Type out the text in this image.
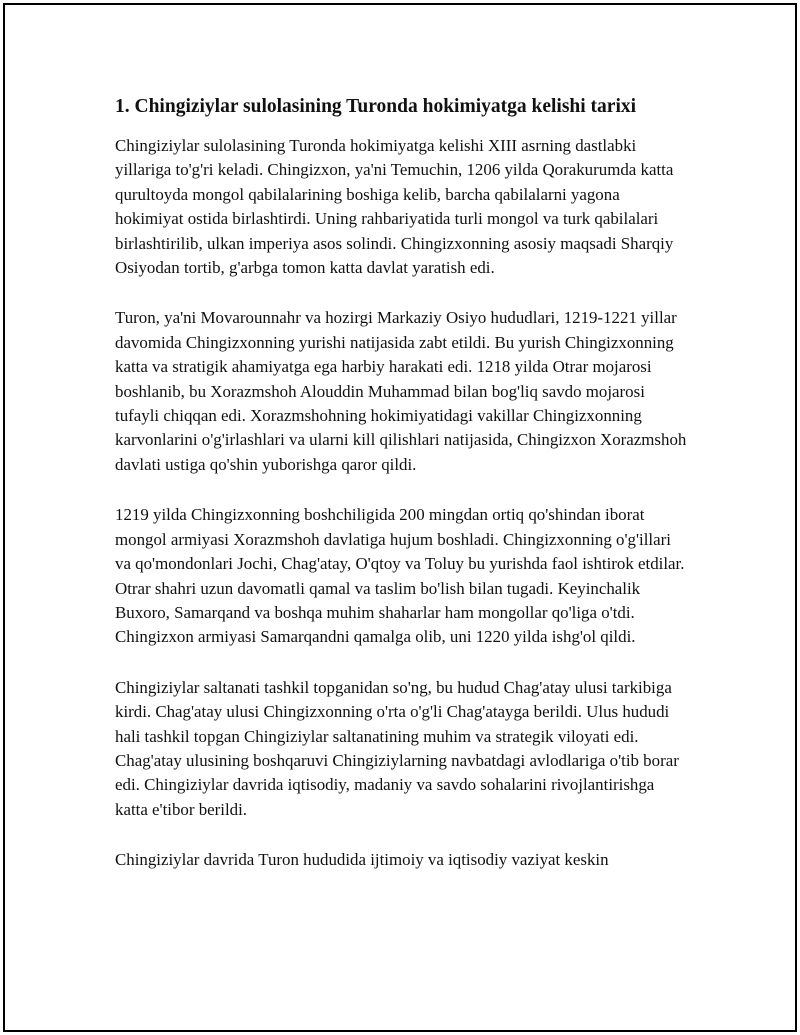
1. Chingiziylar sulolasining Turonda hokimiyatga kelishi tarixi

Chingiziylar sulolasining Turonda hokimiyatga kelishi XIII asrning dastlabki yillariga to'g'ri keladi. Chingizxon, ya'ni Temuchin, 1206 yilda Qorakurumda katta qurultoyda mongol qabilalarining boshiga kelib, barcha qabilalarni yagona hokimiyat ostida birlashtirdi. Uning rahbariyatida turli mongol va turk qabilalari birlashtirilib, ulkan imperiya asos solindi. Chingizxonning asosiy maqsadi Sharqiy Osiyodan tortib, g'arbga tomon katta davlat yaratish edi.

Turon, ya'ni Movarounnahr va hozirgi Markaziy Osiyo hududlari, 1219-1221 yillar davomida Chingizxonning yurishi natijasida zabt etildi. Bu yurish Chingizxonning katta va stratigik ahamiyatga ega harbiy harakati edi. 1218 yilda Otrar mojarosi boshlanib, bu Xorazmshoh Alouddin Muhammad bilan bog'liq savdo mojarosi tufayli chiqqan edi. Xorazmshohning hokimiyatidagi vakillar Chingizxonning karvonlarini o'g'irlashlari va ularni kill qilishlari natijasida, Chingizxon Xorazmshoh davlati ustiga qo'shin yuborishga qaror qildi.

1219 yilda Chingizxonning boshchiligida 200 mingdan ortiq qo'shindan iborat mongol armiyasi Xorazmshoh davlatiga hujum boshladi. Chingizxonning o'g'illari va qo'mondonlari Jochi, Chag'atay, O'qtoy va Toluy bu yurishda faol ishtirok etdilar. Otrar shahri uzun davomatli qamal va taslim bo'lish bilan tugadi. Keyinchalik Buxoro, Samarqand va boshqa muhim shaharlar ham mongollar qo'liga o'tdi. Chingizxon armiyasi Samarqandni qamalga olib, uni 1220 yilda ishg'ol qildi.

Chingiziylar saltanati tashkil topganidan so'ng, bu hudud Chag'atay ulusi tarkibiga kirdi. Chag'atay ulusi Chingizxonning o'rta o'g'li Chag'atayga berildi. Ulus hududi hali tashkil topgan Chingiziylar saltanatining muhim va strategik viloyati edi. Chag'atay ulusining boshqaruvi Chingiziylarning navbatdagi avlodlariga o'tib borar edi. Chingiziylar davrida iqtisodiy, madaniy va savdo sohalarini rivojlantirishga katta e'tibor berildi.

Chingiziylar davrida Turon hududida ijtimoiy va iqtisodiy vaziyat keskin
